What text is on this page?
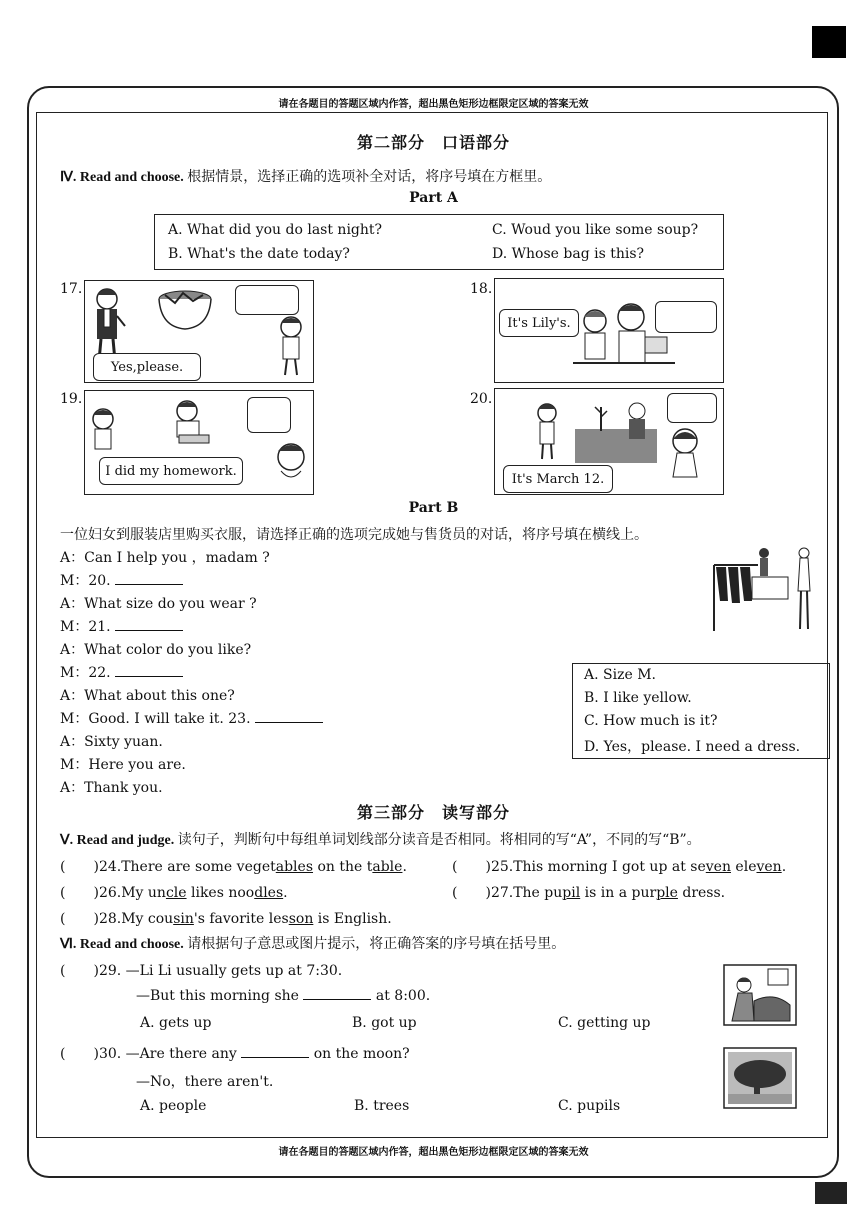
请在各题目的答题区域内作答，超出黑色矩形边框限定区域的答案无效
请在各题目的答题区域内作答，超出黑色矩形边框限定区域的答案无效
第二部分　口语部分
Ⅳ. Read and choose. 根据情景，选择正确的选项补全对话，将序号填在方框里。
Part A
A. What did you do last night?
B. What's the date today?
C. Woud you like some soup?
D. Whose bag is this?
17.
Yes,please.
18.
It's Lily's.
19.
I did my homework.
20.
It's March 12.
Part B
一位妇女到服装店里购买衣服，请选择正确的选项完成她与售货员的对话，将序号填在横线上。
A：Can I help you ，madam ?
M：20.
A：What size do you wear ?
M：21.
A：What color do you like?
M：22.
A：What about this one?
M：Good. I will take it. 23.
A：Sixty yuan.
M：Here you are.
A：Thank you.
A. Size M.
B. I like yellow.
C. How much is it?
D. Yes，please. I need a dress.
第三部分　读写部分
Ⅴ. Read and judge. 读句子，判断句中每组单词划线部分读音是否相同。将相同的写“A”，不同的写“B”。
(　　)24.There are some vegetables on the table.	(　　)25.This morning I got up at seven eleven.
(　　)26.My uncle likes noodles.	(　　)27.The pupil is in a purple dress.
(　　)28.My cousin's favorite lesson is English.
Ⅵ. Read and choose. 请根据句子意思或图片提示，将正确答案的序号填在括号里。
(　　)29. —Li Li usually gets up at 7:30.
—But this morning she	at 8:00.
A. gets up	B. got up	C. getting up
(　　)30. —Are there any	on the moon?
—No，there aren't.
A. people	B. trees	C. pupils
